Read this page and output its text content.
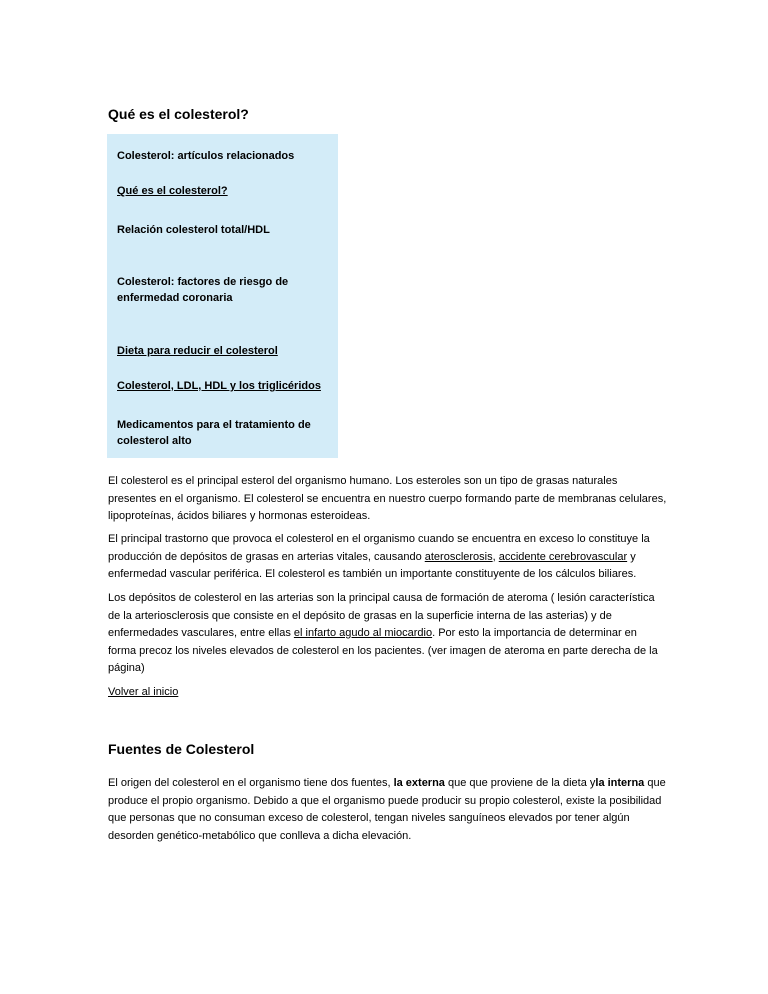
Qué es el colesterol?

Colesterol: artículos relacionados

Qué es el colesterol?

Relación colesterol total/HDL

Colesterol: factores de riesgo de enfermedad coronaria

Dieta para reducir el colesterol

Colesterol, LDL, HDL y los triglicéridos

Medicamentos para el tratamiento de colesterol alto

El colesterol es el principal esterol del organismo humano. Los esteroles son un tipo de grasas naturales presentes en el organismo. El colesterol se encuentra en nuestro cuerpo formando parte de membranas celulares, lipoproteínas, ácidos biliares y hormonas esteroideas.

El principal trastorno que provoca el colesterol en el organismo cuando se encuentra en exceso lo constituye la producción de depósitos de grasas en arterias vitales, causando aterosclerosis, accidente cerebrovascular y enfermedad vascular periférica. El colesterol es también un importante constituyente de los cálculos biliares.

Los depósitos de colesterol en las arterias son la principal causa de formación de ateroma ( lesión característica de la arteriosclerosis que consiste en el depósito de grasas en la superficie interna de las asterias) y de enfermedades vasculares, entre ellas el infarto agudo al miocardio. Por esto la importancia de determinar en forma precoz los niveles elevados de colesterol en los pacientes. (ver imagen de ateroma en parte derecha de la página)

Volver al inicio

Fuentes de Colesterol

El origen del colesterol en el organismo tiene dos fuentes, la externa que que proviene de la dieta yla interna que produce el propio organismo. Debido a que el organismo puede producir su propio colesterol, existe la posibilidad que personas que no consuman exceso de colesterol, tengan niveles sanguíneos elevados por tener algún desorden genético-metabólico que conlleva a dicha elevación.
